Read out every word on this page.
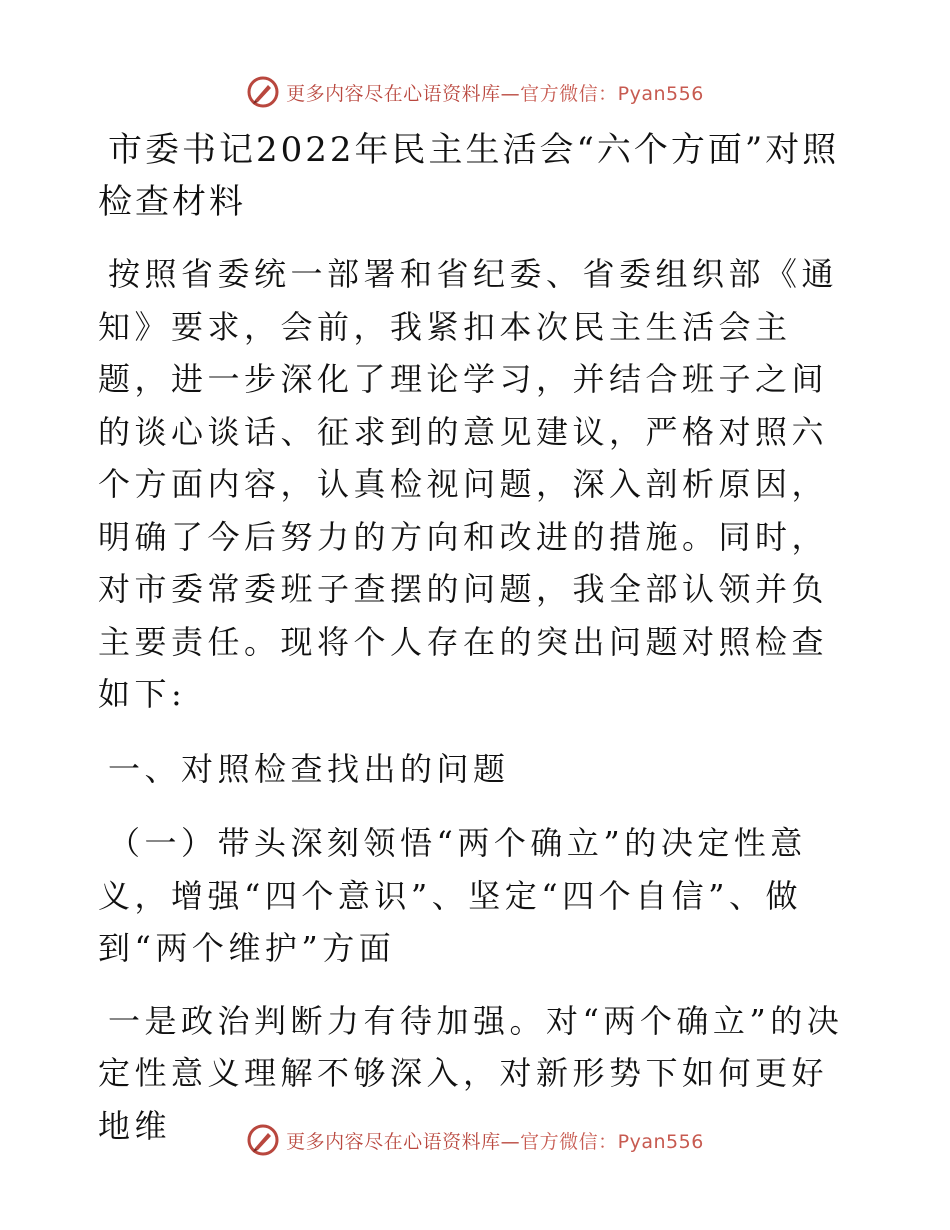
更多内容尽在心语资料库—官方微信：Pyan556
市委书记2022年民主生活会“六个方面”对照检查材料

按照省委统一部署和省纪委、省委组织部《通知》要求，会前，我紧扣本次民主生活会主题，进一步深化了理论学习，并结合班子之间的谈心谈话、征求到的意见建议，严格对照六个方面内容，认真检视问题，深入剖析原因，明确了今后努力的方向和改进的措施。同时，对市委常委班子查摆的问题，我全部认领并负主要责任。现将个人存在的突出问题对照检查如下:

一、对照检查找出的问题

（一）带头深刻领悟“两个确立”的决定性意义，增强“四个意识”、坚定“四个自信”、做到“两个维护”方面

一是政治判断力有待加强。对“两个确立”的决定性意义理解不够深入，对新形势下如何更好地维	更多内容尽在心语资料库—官方微信：Pyan556
